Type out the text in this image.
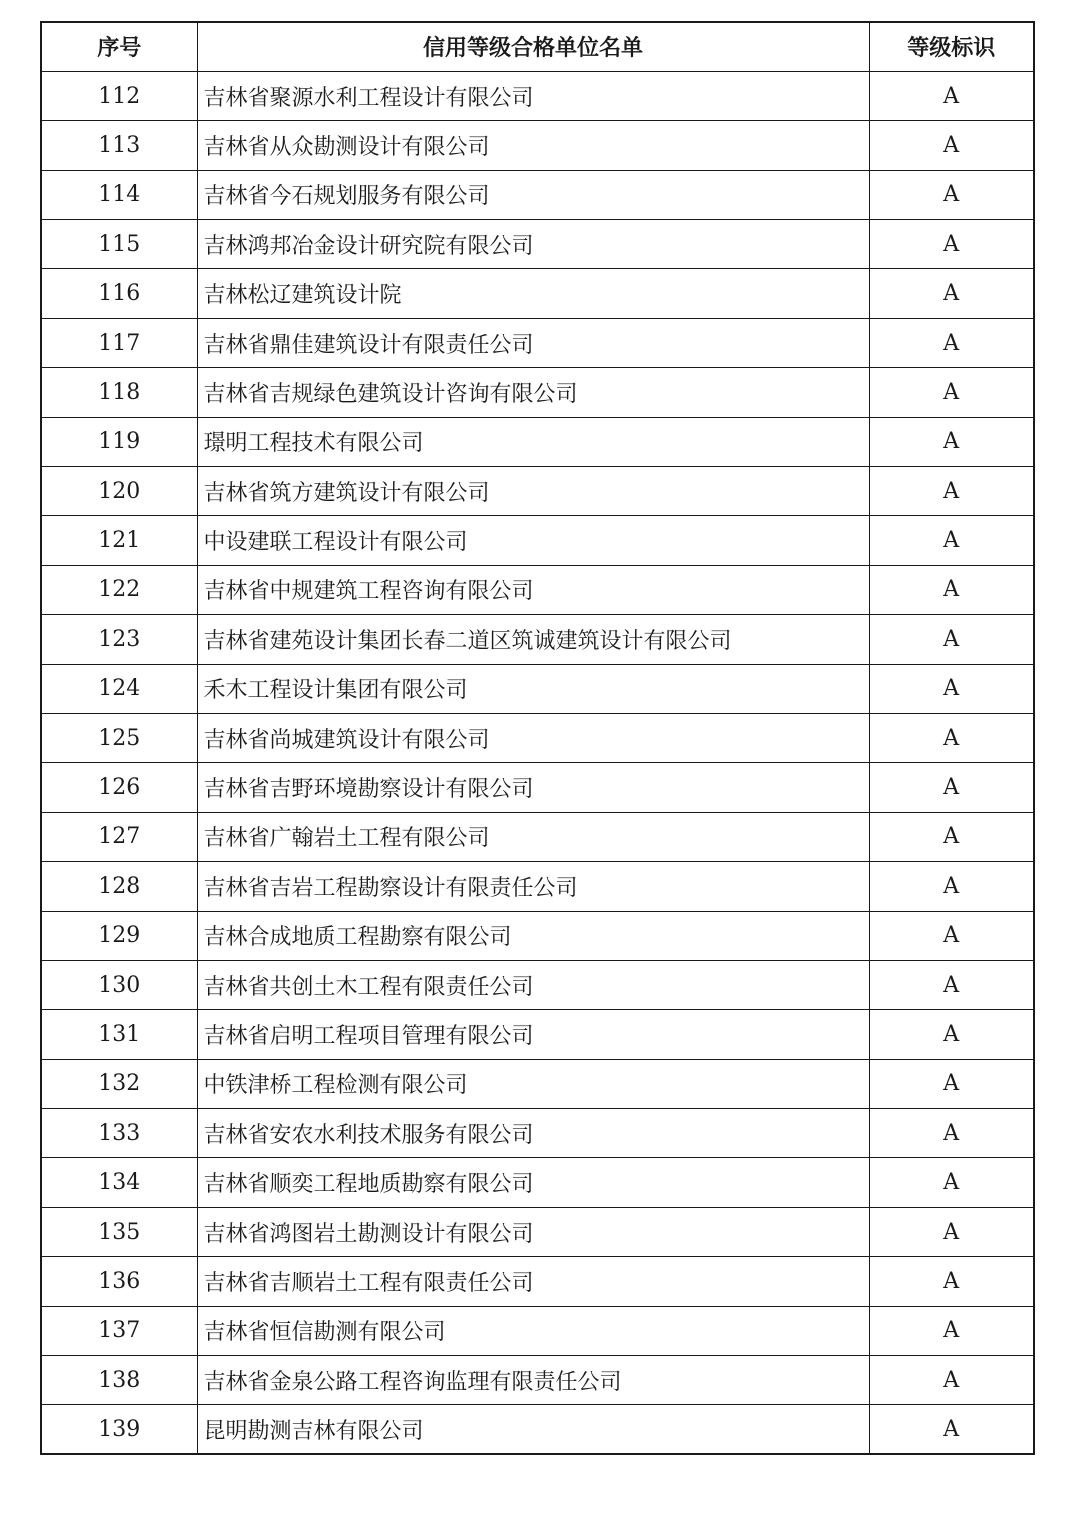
序号	信用等级合格单位名单	等级标识
112	吉林省聚源水利工程设计有限公司	A
113	吉林省从众勘测设计有限公司	A
114	吉林省今石规划服务有限公司	A
115	吉林鸿邦冶金设计研究院有限公司	A
116	吉林松辽建筑设计院	A
117	吉林省鼎佳建筑设计有限责任公司	A
118	吉林省吉规绿色建筑设计咨询有限公司	A
119	璟明工程技术有限公司	A
120	吉林省筑方建筑设计有限公司	A
121	中设建联工程设计有限公司	A
122	吉林省中规建筑工程咨询有限公司	A
123	吉林省建苑设计集团长春二道区筑诚建筑设计有限公司	A
124	禾木工程设计集团有限公司	A
125	吉林省尚城建筑设计有限公司	A
126	吉林省吉野环境勘察设计有限公司	A
127	吉林省广翰岩土工程有限公司	A
128	吉林省吉岩工程勘察设计有限责任公司	A
129	吉林合成地质工程勘察有限公司	A
130	吉林省共创土木工程有限责任公司	A
131	吉林省启明工程项目管理有限公司	A
132	中铁津桥工程检测有限公司	A
133	吉林省安农水利技术服务有限公司	A
134	吉林省顺奕工程地质勘察有限公司	A
135	吉林省鸿图岩土勘测设计有限公司	A
136	吉林省吉顺岩土工程有限责任公司	A
137	吉林省恒信勘测有限公司	A
138	吉林省金泉公路工程咨询监理有限责任公司	A
139	昆明勘测吉林有限公司	A
